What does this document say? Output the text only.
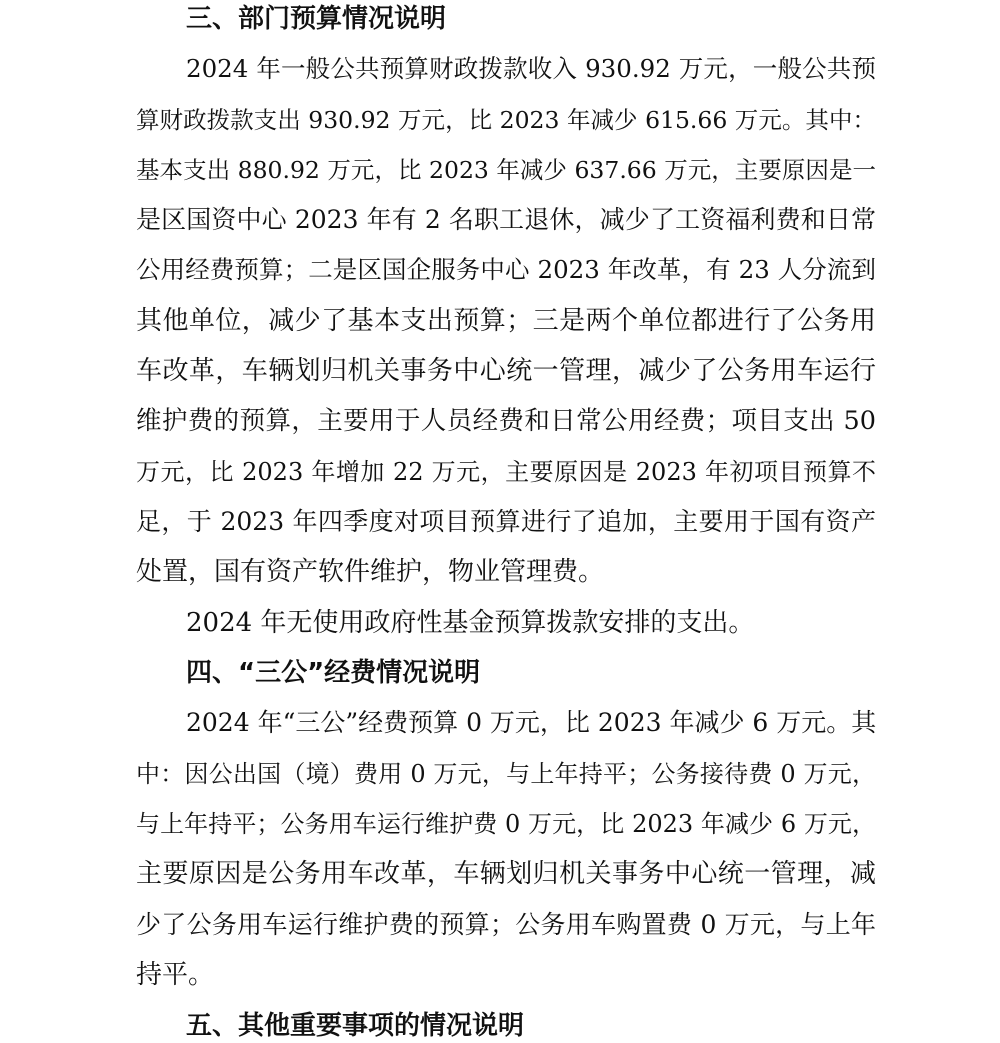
三、部门预算情况说明
2024 年一般公共预算财政拨款收入 930.92 万元，一般公共预
算财政拨款支出 930.92 万元，比 2023 年减少 615.66 万元。其中：
基本支出 880.92 万元，比 2023 年减少 637.66 万元，主要原因是一
是区国资中心 2023 年有 2 名职工退休，减少了工资福利费和日常
公用经费预算；二是区国企服务中心 2023 年改革，有 23 人分流到
其他单位，减少了基本支出预算；三是两个单位都进行了公务用
车改革，车辆划归机关事务中心统一管理，减少了公务用车运行
维护费的预算，主要用于人员经费和日常公用经费；项目支出 50
万元，比 2023 年增加 22 万元，主要原因是 2023 年初项目预算不
足，于 2023 年四季度对项目预算进行了追加，主要用于国有资产
处置，国有资产软件维护，物业管理费。
2024 年无使用政府性基金预算拨款安排的支出。
四、“三公”经费情况说明
2024 年“三公”经费预算 0 万元，比 2023 年减少 6 万元。其
中：因公出国（境）费用 0 万元，与上年持平；公务接待费 0 万元，
与上年持平；公务用车运行维护费 0 万元，比 2023 年减少 6 万元，
主要原因是公务用车改革，车辆划归机关事务中心统一管理，减
少了公务用车运行维护费的预算；公务用车购置费 0 万元，与上年
持平。
五、其他重要事项的情况说明
